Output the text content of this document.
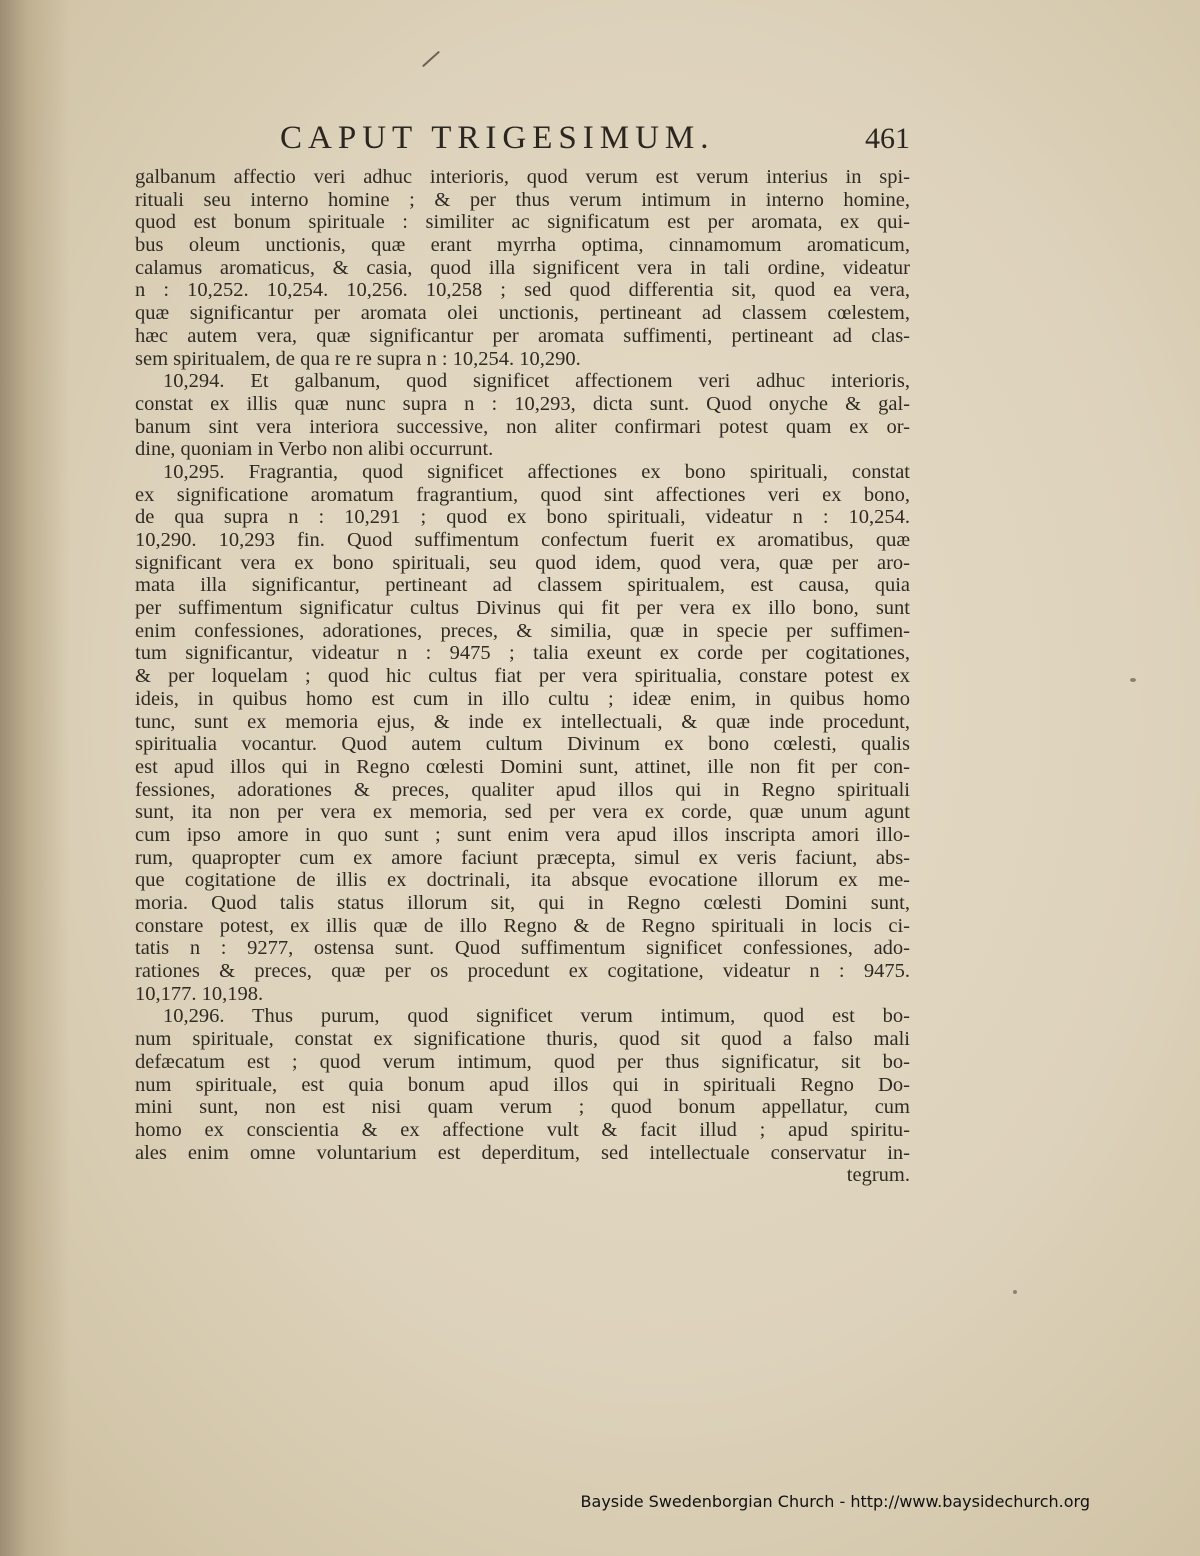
CAPUT TRIGESIMUM.	461
galbanum affectio veri adhuc interioris, quod verum est verum interius in spi-
rituali seu interno homine ; & per thus verum intimum in interno homine,
quod est bonum spirituale : similiter ac significatum est per aromata, ex qui-
bus oleum unctionis, quæ erant myrrha optima, cinnamomum aromaticum,
calamus aromaticus, & casia, quod illa significent vera in tali ordine, videatur
n : 10,252. 10,254. 10,256. 10,258 ; sed quod differentia sit, quod ea vera,
quæ significantur per aromata olei unctionis, pertineant ad classem cœlestem,
hæc autem vera, quæ significantur per aromata suffimenti, pertineant ad clas-
sem spiritualem, de qua re re supra n : 10,254. 10,290.
10,294. Et galbanum, quod significet affectionem veri adhuc interioris,
constat ex illis quæ nunc supra n : 10,293, dicta sunt. Quod onyche & gal-
banum sint vera interiora successive, non aliter confirmari potest quam ex or-
dine, quoniam in Verbo non alibi occurrunt.
10,295. Fragrantia, quod significet affectiones ex bono spirituali, constat
ex significatione aromatum fragrantium, quod sint affectiones veri ex bono,
de qua supra n : 10,291 ; quod ex bono spirituali, videatur n : 10,254.
10,290. 10,293 fin. Quod suffimentum confectum fuerit ex aromatibus, quæ
significant vera ex bono spirituali, seu quod idem, quod vera, quæ per aro-
mata illa significantur, pertineant ad classem spiritualem, est causa, quia
per suffimentum significatur cultus Divinus qui fit per vera ex illo bono, sunt
enim confessiones, adorationes, preces, & similia, quæ in specie per suffimen-
tum significantur, videatur n : 9475 ; talia exeunt ex corde per cogitationes,
& per loquelam ; quod hic cultus fiat per vera spiritualia, constare potest ex
ideis, in quibus homo est cum in illo cultu ; ideæ enim, in quibus homo
tunc, sunt ex memoria ejus, & inde ex intellectuali, & quæ inde procedunt,
spiritualia vocantur. Quod autem cultum Divinum ex bono cœlesti, qualis
est apud illos qui in Regno cœlesti Domini sunt, attinet, ille non fit per con-
fessiones, adorationes & preces, qualiter apud illos qui in Regno spirituali
sunt, ita non per vera ex memoria, sed per vera ex corde, quæ unum agunt
cum ipso amore in quo sunt ; sunt enim vera apud illos inscripta amori illo-
rum, quapropter cum ex amore faciunt præcepta, simul ex veris faciunt, abs-
que cogitatione de illis ex doctrinali, ita absque evocatione illorum ex me-
moria. Quod talis status illorum sit, qui in Regno cœlesti Domini sunt,
constare potest, ex illis quæ de illo Regno & de Regno spirituali in locis ci-
tatis n : 9277, ostensa sunt. Quod suffimentum significet confessiones, ado-
rationes & preces, quæ per os procedunt ex cogitatione, videatur n : 9475.
10,177. 10,198.
10,296. Thus purum, quod significet verum intimum, quod est bo-
num spirituale, constat ex significatione thuris, quod sit quod a falso mali
defæcatum est ; quod verum intimum, quod per thus significatur, sit bo-
num spirituale, est quia bonum apud illos qui in spirituali Regno Do-
mini sunt, non est nisi quam verum ; quod bonum appellatur, cum
homo ex conscientia & ex affectione vult & facit illud ; apud spiritu-
ales enim omne voluntarium est deperditum, sed intellectuale conservatur in-
tegrum.
Bayside Swedenborgian Church - http://www.baysidechurch.org
